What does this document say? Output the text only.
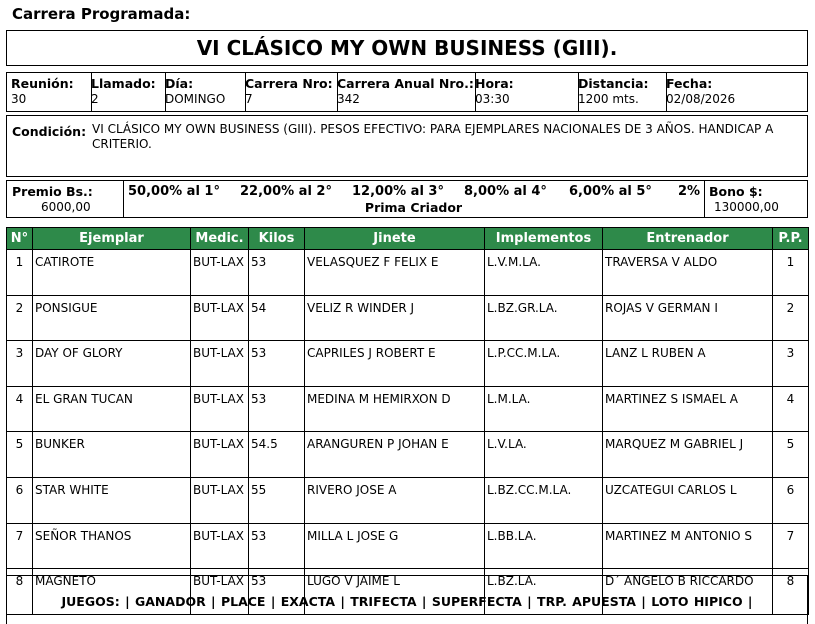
Carrera Programada:
VI CLÁSICO MY OWN BUSINESS (GIII).
Reunión:
30
Llamado:
2
Día:
DOMINGO
Carrera Nro:
7
Carrera Anual Nro.:
342
Hora:
03:30
Distancia:
1200 mts.
Fecha:
02/08/2026
Condición: VI CLÁSICO MY OWN BUSINESS (GIII). PESOS EFECTIVO: PARA EJEMPLARES NACIONALES DE 3 AÑOS. HANDICAP A CRITERIO.
Premio Bs.:
6000,00
50,00% al 1° 22,00% al 2° 12,00% al 3° 8,00% al 4° 6,00% al 5° 2%
Prima Criador
Bono $:
130000,00
N°	Ejemplar	Medic.	Kilos	Jinete	Implementos	Entrenador	P.P.
1	CATIROTE	BUT-LAX	53	VELASQUEZ F FELIX E	L.V.M.LA.	TRAVERSA V ALDO	1
2	PONSIGUE	BUT-LAX	54	VELIZ R WINDER J	L.BZ.GR.LA.	ROJAS V GERMAN I	2
3	DAY OF GLORY	BUT-LAX	53	CAPRILES J ROBERT E	L.P.CC.M.LA.	LANZ L RUBEN A	3
4	EL GRAN TUCAN	BUT-LAX	53	MEDINA M HEMIRXON D	L.M.LA.	MARTINEZ S ISMAEL A	4
5	BUNKER	BUT-LAX	54.5	ARANGUREN P JOHAN E	L.V.LA.	MARQUEZ M GABRIEL J	5
6	STAR WHITE	BUT-LAX	55	RIVERO JOSE A	L.BZ.CC.M.LA.	UZCATEGUI CARLOS L	6
7	SEÑOR THANOS	BUT-LAX	53	MILLA L JOSE G	L.BB.LA.	MARTINEZ M ANTONIO S	7
8	MAGNETO	BUT-LAX	53	LUGO V JAIME L	L.BZ.LA.	D´ ANGELO B RICCARDO	8
JUEGOS: | GANADOR | PLACE | EXACTA | TRIFECTA | SUPERFECTA | TRP. APUESTA | LOTO HIPICO |
